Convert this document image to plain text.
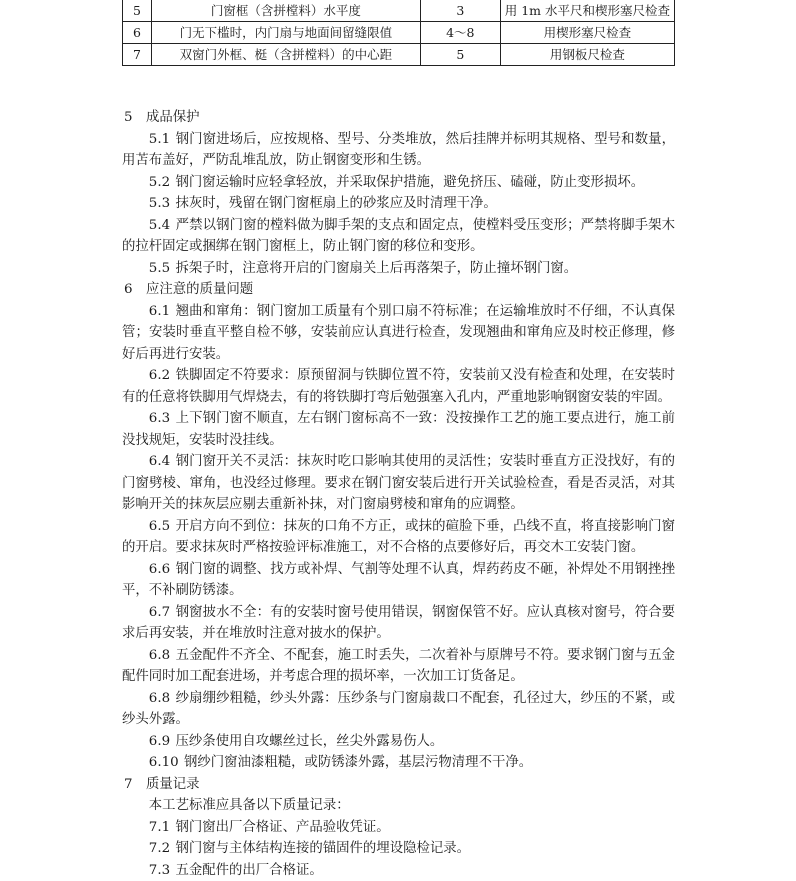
5	门窗框（含拼樘料）水平度	3	用 1m 水平尺和楔形塞尺检查
6	门无下槛时，内门扇与地面间留缝限值	4～8	用楔形塞尺检查
7	双窗门外框、梃（含拼樘料）的中心距	5	用钢板尺检查
5 成品保护

5.1 钢门窗进场后，应按规格、型号、分类堆放，然后挂牌并标明其规格、型号和数量，用苫布盖好，严防乱堆乱放，防止钢窗变形和生锈。

5.2 钢门窗运输时应轻拿轻放，并采取保护措施，避免挤压、磕碰，防止变形损坏。

5.3 抹灰时，残留在钢门窗框扇上的砂浆应及时清理干净。

5.4 严禁以钢门窗的樘料做为脚手架的支点和固定点，使樘料受压变形；严禁将脚手架木的拉杆固定或捆绑在钢门窗框上，防止钢门窗的移位和变形。

5.5 拆架子时，注意将开启的门窗扇关上后再落架子，防止撞坏钢门窗。

6 应注意的质量问题

6.1 翘曲和窜角：钢门窗加工质量有个别口扇不符标准；在运输堆放时不仔细，不认真保管；安装时垂直平整自检不够，安装前应认真进行检查，发现翘曲和窜角应及时校正修理，修好后再进行安装。

6.2 铁脚固定不符要求：原预留洞与铁脚位置不符，安装前又没有检查和处理，在安装时有的任意将铁脚用气焊烧去，有的将铁脚打弯后勉强塞入孔内，严重地影响钢窗安装的牢固。

6.3 上下钢门窗不顺直，左右钢门窗标高不一致：没按操作工艺的施工要点进行，施工前没找规矩，安装时没挂线。

6.4 钢门窗开关不灵活：抹灰时吃口影响其使用的灵活性；安装时垂直方正没找好，有的门窗劈棱、窜角，也没经过修理。要求在钢门窗安装后进行开关试验检查，看是否灵活，对其影响开关的抹灰层应剔去重新补抹，对门窗扇劈棱和窜角的应调整。

6.5 开启方向不到位：抹灰的口角不方正，或抹的碹脸下垂，凸线不直，将直接影响门窗的开启。要求抹灰时严格按验评标准施工，对不合格的点要修好后，再交木工安装门窗。

6.6 钢门窗的调整、找方或补焊、气割等处理不认真，焊药药皮不砸，补焊处不用钢挫挫平，不补刷防锈漆。

6.7 钢窗披水不全：有的安装时窗号使用错误，钢窗保管不好。应认真核对窗号，符合要求后再安装，并在堆放时注意对披水的保护。

6.8 五金配件不齐全、不配套，施工时丢失，二次着补与原牌号不符。要求钢门窗与五金配件同时加工配套进场，并考虑合理的损坏率，一次加工订货备足。

6.8 纱扇绷纱粗糙，纱头外露：压纱条与门窗扇裁口不配套，孔径过大，纱压的不紧，或纱头外露。

6.9 压纱条使用自攻螺丝过长，丝尖外露易伤人。

6.10 钢纱门窗油漆粗糙，或防锈漆外露，基层污物清理不干净。

7 质量记录

本工艺标准应具备以下质量记录：

7.1 钢门窗出厂合格证、产品验收凭证。

7.2 钢门窗与主体结构连接的锚固件的埋设隐检记录。

7.3 五金配件的出厂合格证。
